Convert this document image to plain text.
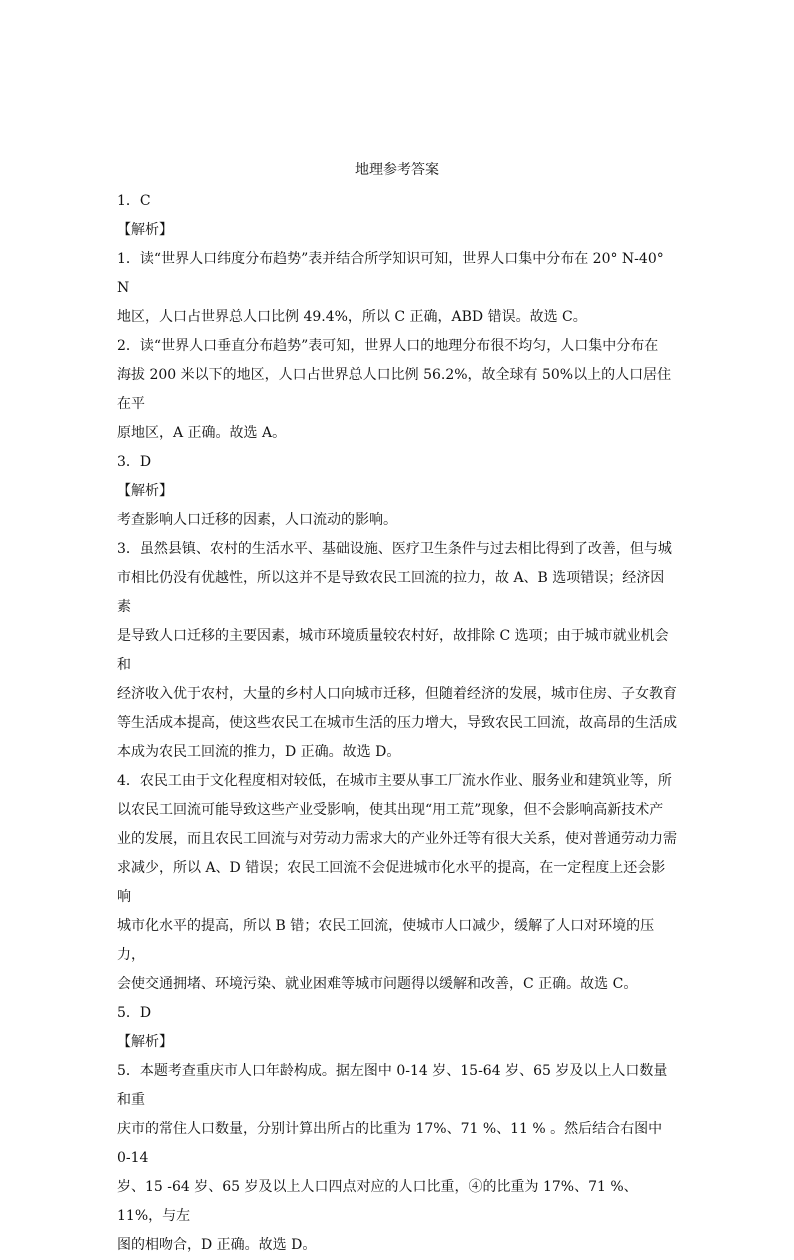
地理参考答案

1．C

【解析】

1．读“世界人口纬度分布趋势”表并结合所学知识可知，世界人口集中分布在 20° N-40° N

地区，人口占世界总人口比例 49.4%，所以 C 正确，ABD 错误。故选 C。

2．读“世界人口垂直分布趋势”表可知，世界人口的地理分布很不均匀，人口集中分布在

海拔 200 米以下的地区，人口占世界总人口比例 56.2%，故全球有 50%以上的人口居住在平

原地区，A 正确。故选 A。

3．D

【解析】

考查影响人口迁移的因素，人口流动的影响。

3．虽然县镇、农村的生活水平、基础设施、医疗卫生条件与过去相比得到了改善，但与城

市相比仍没有优越性，所以这并不是导致农民工回流的拉力，故 A、B 选项错误；经济因素

是导致人口迁移的主要因素，城市环境质量较农村好，故排除 C 选项；由于城市就业机会和

经济收入优于农村，大量的乡村人口向城市迁移，但随着经济的发展，城市住房、子女教育

等生活成本提高，使这些农民工在城市生活的压力增大，导致农民工回流，故高昂的生活成

本成为农民工回流的推力，D 正确。故选 D。

4．农民工由于文化程度相对较低，在城市主要从事工厂流水作业、服务业和建筑业等，所

以农民工回流可能导致这些产业受影响，使其出现“用工荒”现象，但不会影响高新技术产

业的发展，而且农民工回流与对劳动力需求大的产业外迁等有很大关系，使对普通劳动力需

求减少，所以 A、D 错误；农民工回流不会促进城市化水平的提高，在一定程度上还会影响

城市化水平的提高，所以 B 错；农民工回流，使城市人口减少，缓解了人口对环境的压力，

会使交通拥堵、环境污染、就业困难等城市问题得以缓解和改善，C 正确。故选 C。

5．D

【解析】

5．本题考查重庆市人口年龄构成。据左图中 0-14 岁、15-64 岁、65 岁及以上人口数量和重

庆市的常住人口数量，分别计算出所占的比重为 17%、71 %、11 % 。然后结合右图中 0-14

岁、15 -64 岁、65 岁及以上人口四点对应的人口比重，④的比重为 17%、71 %、11%，与左

图的相吻合，D 正确。故选 D。
